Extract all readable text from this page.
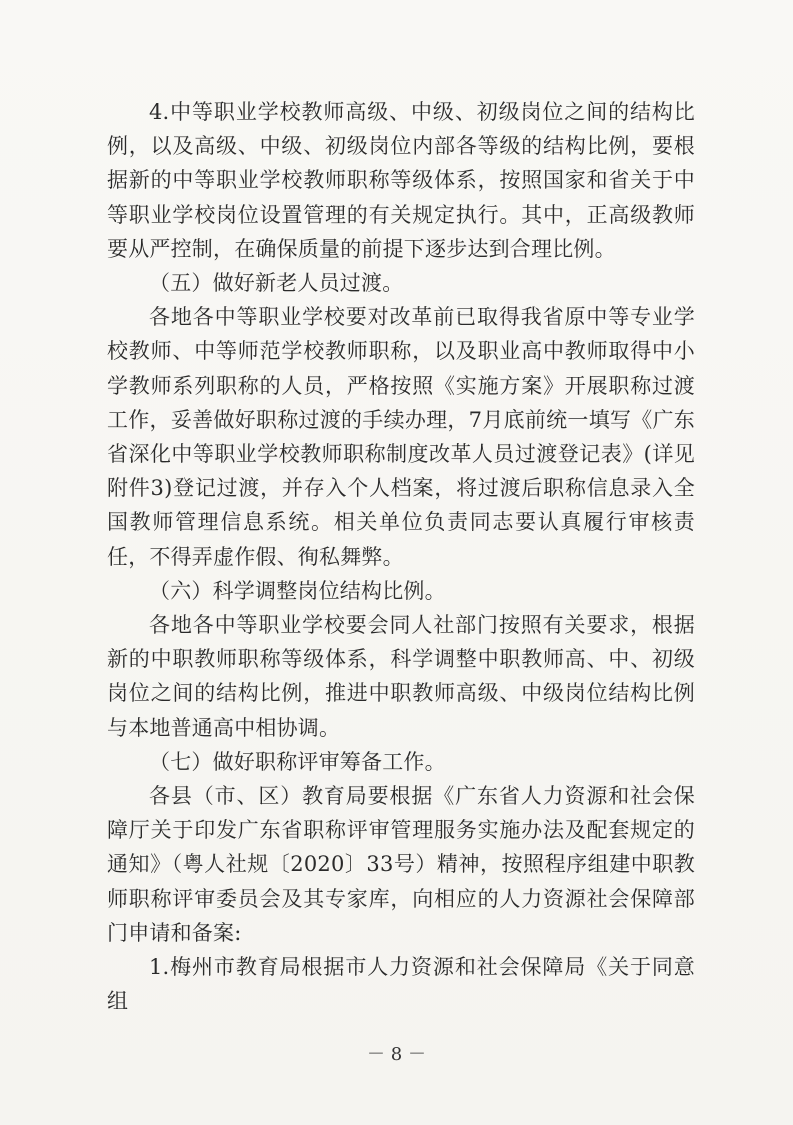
4.中等职业学校教师高级、中级、初级岗位之间的结构比例，以及高级、中级、初级岗位内部各等级的结构比例，要根据新的中等职业学校教师职称等级体系，按照国家和省关于中等职业学校岗位设置管理的有关规定执行。其中，正高级教师要从严控制，在确保质量的前提下逐步达到合理比例。

（五）做好新老人员过渡。

各地各中等职业学校要对改革前已取得我省原中等专业学校教师、中等师范学校教师职称，以及职业高中教师取得中小学教师系列职称的人员，严格按照《实施方案》开展职称过渡工作，妥善做好职称过渡的手续办理，7月底前统一填写《广东省深化中等职业学校教师职称制度改革人员过渡登记表》(详见附件3)登记过渡，并存入个人档案，将过渡后职称信息录入全国教师管理信息系统。相关单位负责同志要认真履行审核责任，不得弄虚作假、徇私舞弊。

（六）科学调整岗位结构比例。

各地各中等职业学校要会同人社部门按照有关要求，根据新的中职教师职称等级体系，科学调整中职教师高、中、初级岗位之间的结构比例，推进中职教师高级、中级岗位结构比例与本地普通高中相协调。

（七）做好职称评审筹备工作。

各县（市、区）教育局要根据《广东省人力资源和社会保障厅关于印发广东省职称评审管理服务实施办法及配套规定的通知》（粤人社规〔2020〕33号）精神，按照程序组建中职教师职称评审委员会及其专家库，向相应的人力资源社会保障部门申请和备案:

1.梅州市教育局根据市人力资源和社会保障局《关于同意组

－ 8 －
